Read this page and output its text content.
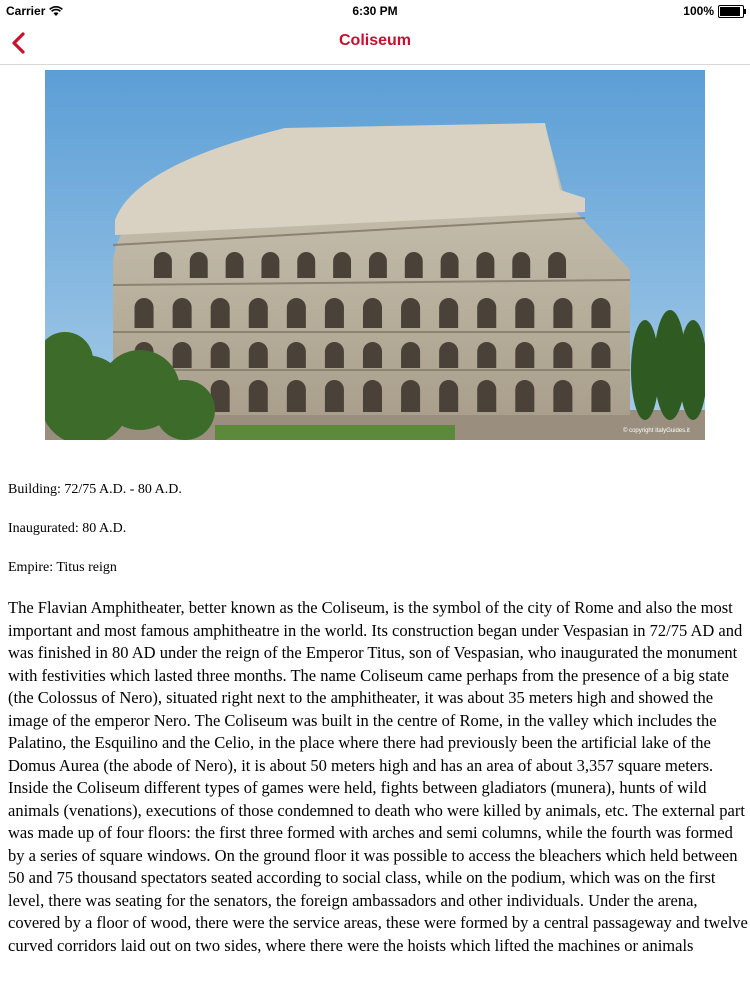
Carrier	6:30 PM	100%
Coliseum
© copyright ItalyGuides.it

Building: 72/75 A.D. - 80 A.D.

Inaugurated: 80 A.D.

Empire: Titus reign

The Flavian Amphitheater, better known as the Coliseum, is the symbol of the city of Rome and also the most important and most famous amphitheatre in the world. Its construction began under Vespasian in 72/75 AD and was finished in 80 AD under the reign of the Emperor Titus, son of Vespasian, who inaugurated the monument with festivities which lasted three months. The name Coliseum came perhaps from the presence of a big state (the Colossus of Nero), situated right next to the amphitheater, it was about 35 meters high and showed the image of the emperor Nero. The Coliseum was built in the centre of Rome, in the valley which includes the Palatino, the Esquilino and the Celio, in the place where there had previously been the artificial lake of the Domus Aurea (the abode of Nero), it is about 50 meters high and has an area of about 3,357 square meters. Inside the Coliseum different types of games were held, fights between gladiators (munera), hunts of wild animals (venations), executions of those condemned to death who were killed by animals, etc. The external part was made up of four floors: the first three formed with arches and semi columns, while the fourth was formed by a series of square windows. On the ground floor it was possible to access the bleachers which held between 50 and 75 thousand spectators seated according to social class, while on the podium, which was on the first level, there was seating for the senators, the foreign ambassadors and other individuals. Under the arena, covered by a floor of wood, there were the service areas, these were formed by a central passageway and twelve curved corridors laid out on two sides, where there were the hoists which lifted the machines or animals
